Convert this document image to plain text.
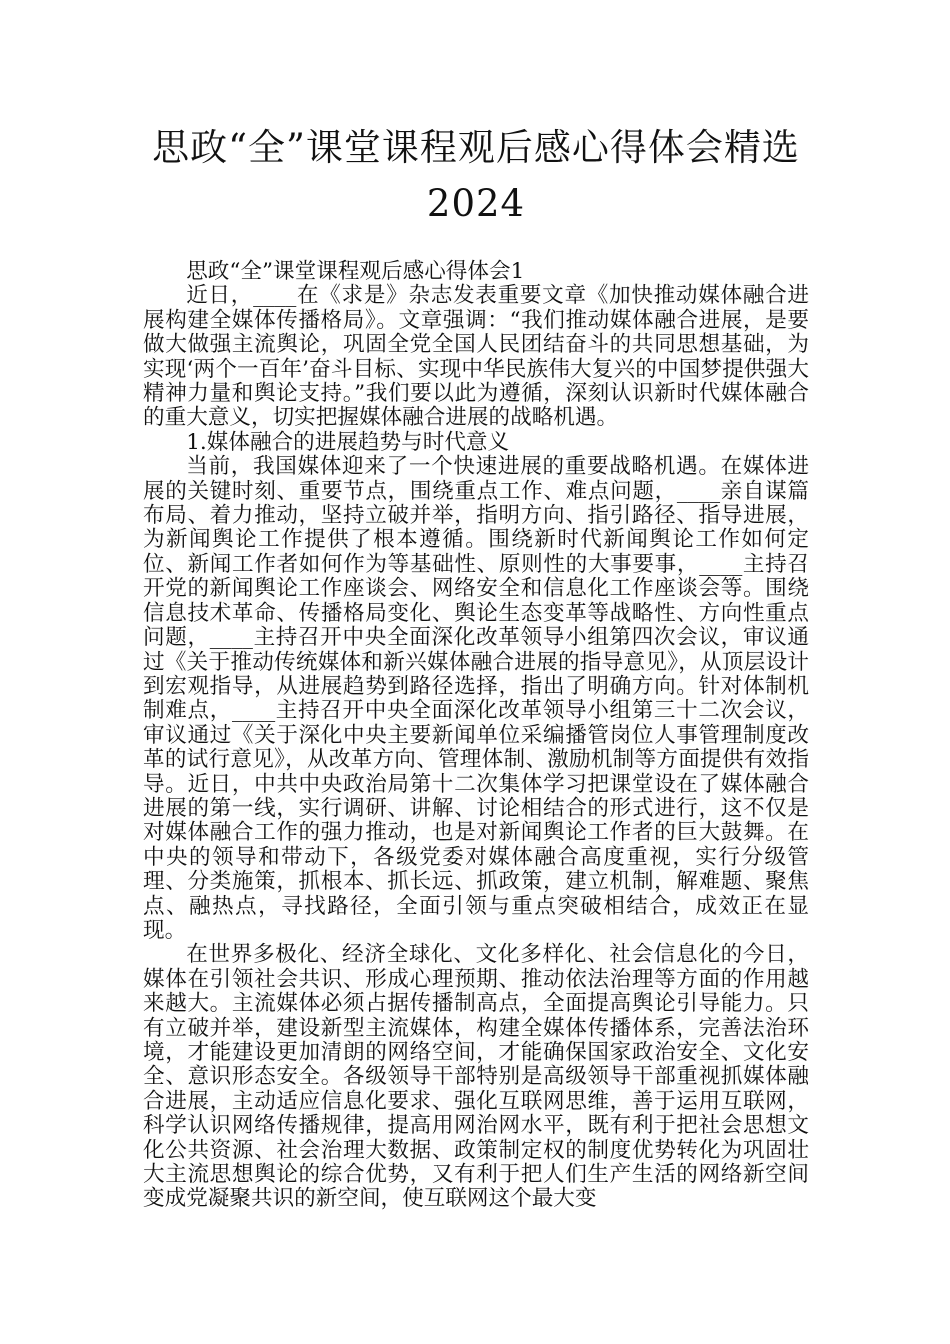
思政“全”课堂课程观后感心得体会精选
2024

思政“全”课堂课程观后感心得体会1

近日，____在《求是》杂志发表重要文章《加快推动媒体融合进展构建全媒体传播格局》。文章强调：“我们推动媒体融合进展，是要做大做强主流舆论，巩固全党全国人民团结奋斗的共同思想基础，为实现‘两个一百年’奋斗目标、实现中华民族伟大复兴的中国梦提供强大精神力量和舆论支持。”我们要以此为遵循，深刻认识新时代媒体融合的重大意义，切实把握媒体融合进展的战略机遇。

1.媒体融合的进展趋势与时代意义

当前，我国媒体迎来了一个快速进展的重要战略机遇。在媒体进展的关键时刻、重要节点，围绕重点工作、难点问题，____亲自谋篇布局、着力推动，坚持立破并举，指明方向、指引路径、指导进展，为新闻舆论工作提供了根本遵循。围绕新时代新闻舆论工作如何定位、新闻工作者如何作为等基础性、原则性的大事要事，____主持召开党的新闻舆论工作座谈会、网络安全和信息化工作座谈会等。围绕信息技术革命、传播格局变化、舆论生态变革等战略性、方向性重点问题，____主持召开中央全面深化改革领导小组第四次会议，审议通过《关于推动传统媒体和新兴媒体融合进展的指导意见》，从顶层设计到宏观指导，从进展趋势到路径选择，指出了明确方向。针对体制机制难点，____主持召开中央全面深化改革领导小组第三十二次会议，审议通过《关于深化中央主要新闻单位采编播管岗位人事管理制度改革的试行意见》，从改革方向、管理体制、激励机制等方面提供有效指导。近日，中共中央政治局第十二次集体学习把课堂设在了媒体融合进展的第一线，实行调研、讲解、讨论相结合的形式进行，这不仅是对媒体融合工作的强力推动，也是对新闻舆论工作者的巨大鼓舞。在中央的领导和带动下，各级党委对媒体融合高度重视，实行分级管理、分类施策，抓根本、抓长远、抓政策，建立机制，解难题、聚焦点、融热点，寻找路径，全面引领与重点突破相结合，成效正在显现。

在世界多极化、经济全球化、文化多样化、社会信息化的今日，媒体在引领社会共识、形成心理预期、推动依法治理等方面的作用越来越大。主流媒体必须占据传播制高点，全面提高舆论引导能力。只有立破并举，建设新型主流媒体，构建全媒体传播体系，完善法治环境，才能建设更加清朗的网络空间，才能确保国家政治安全、文化安全、意识形态安全。各级领导干部特别是高级领导干部重视抓媒体融合进展，主动适应信息化要求、强化互联网思维，善于运用互联网，科学认识网络传播规律，提高用网治网水平，既有利于把社会思想文化公共资源、社会治理大数据、政策制定权的制度优势转化为巩固壮大主流思想舆论的综合优势，又有利于把人们生产生活的网络新空间变成党凝聚共识的新空间，使互联网这个最大变
